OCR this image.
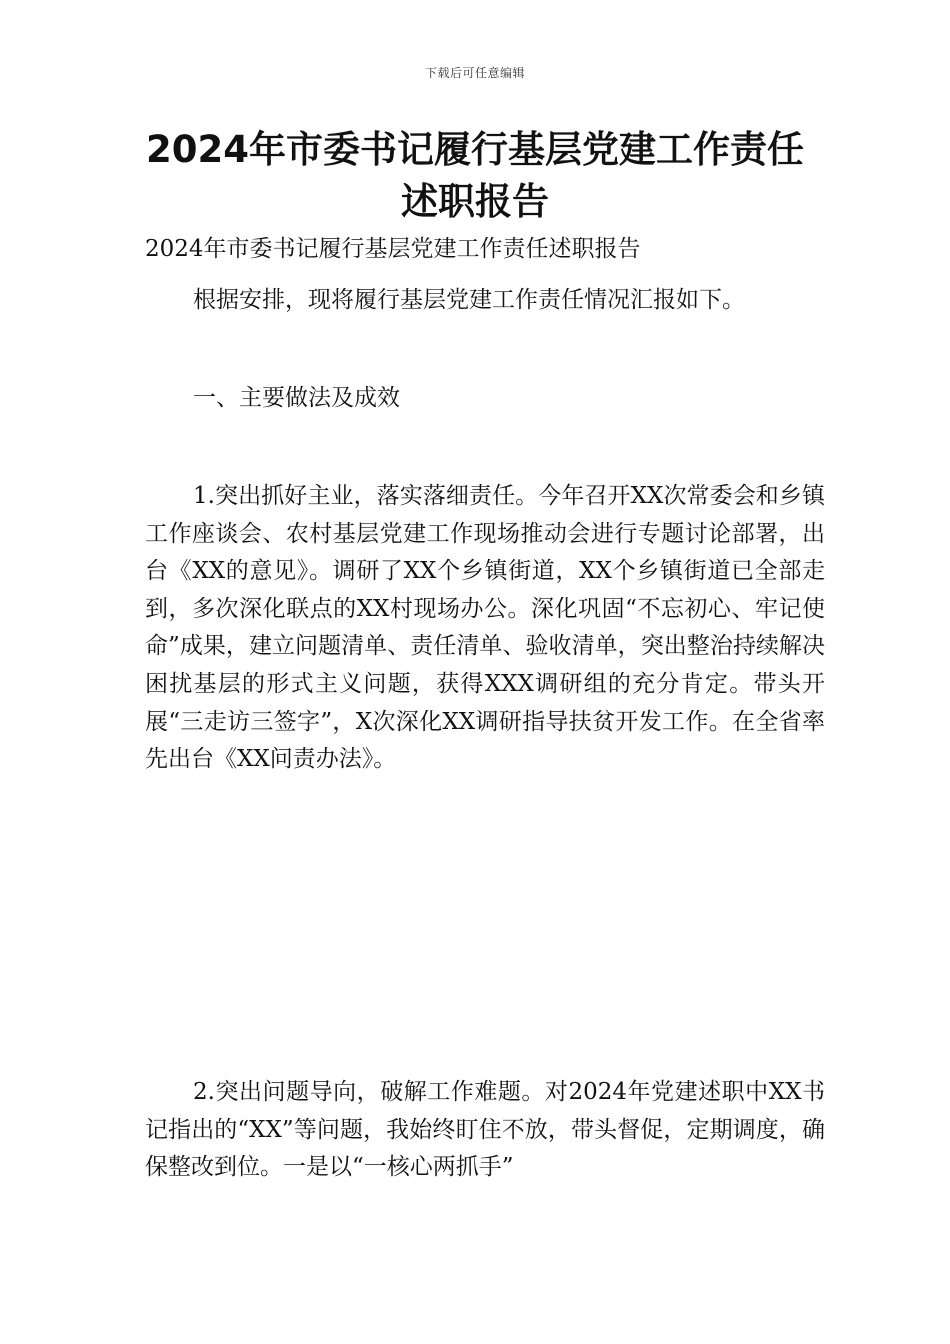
下载后可任意编辑
2024年市委书记履行基层党建工作责任述职报告

2024年市委书记履行基层党建工作责任述职报告

根据安排，现将履行基层党建工作责任情况汇报如下。

一、主要做法及成效

1.突出抓好主业，落实落细责任。今年召开XX次常委会和乡镇工作座谈会、农村基层党建工作现场推动会进行专题讨论部署，出台《XX的意见》。调研了XX个乡镇街道，XX个乡镇街道已全部走到，多次深化联点的XX村现场办公。深化巩固“不忘初心、牢记使命”成果，建立问题清单、责任清单、验收清单，突出整治持续解决困扰基层的形式主义问题，获得XXX调研组的充分肯定。带头开展“三走访三签字”，X次深化XX调研指导扶贫开发工作。在全省率先出台《XX问责办法》。

2.突出问题导向，破解工作难题。对2024年党建述职中XX书记指出的“XX”等问题，我始终盯住不放，带头督促，定期调度，确保整改到位。一是以“一核心两抓手”
